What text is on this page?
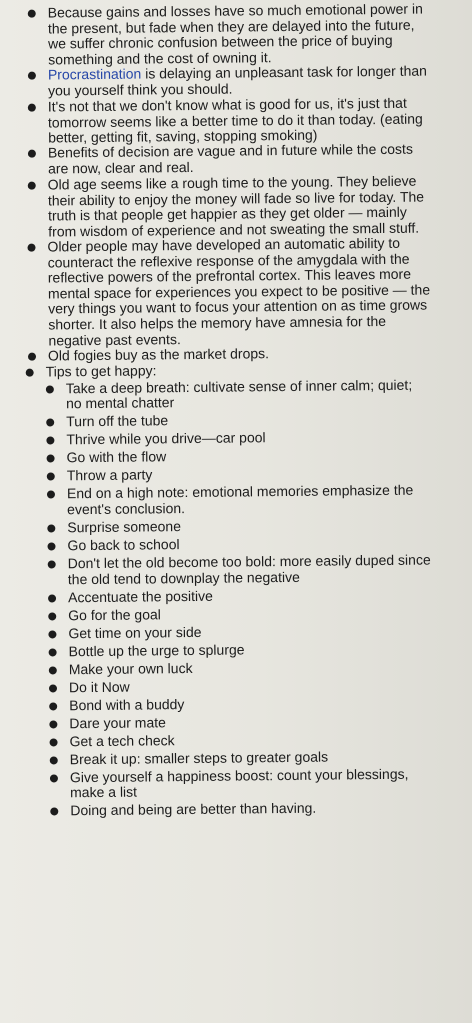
Because gains and losses have so much emotional power in the present, but fade when they are delayed into the future, we suffer chronic confusion between the price of buying something and the cost of owning it.
Procrastination is delaying an unpleasant task for longer than you yourself think you should.
It's not that we don't know what is good for us, it's just that tomorrow seems like a better time to do it than today. (eating better, getting fit, saving, stopping smoking)
Benefits of decision are vague and in future while the costs are now, clear and real.
Old age seems like a rough time to the young. They believe their ability to enjoy the money will fade so live for today. The truth is that people get happier as they get older — mainly from wisdom of experience and not sweating the small stuff.
Older people may have developed an automatic ability to counteract the reflexive response of the amygdala with the reflective powers of the prefrontal cortex. This leaves more mental space for experiences you expect to be positive — the very things you want to focus your attention on as time grows shorter. It also helps the memory have amnesia for the negative past events.
Old fogies buy as the market drops.
Tips to get happy:
Take a deep breath: cultivate sense of inner calm; quiet; no mental chatter
Turn off the tube
Thrive while you drive—car pool
Go with the flow
Throw a party
End on a high note: emotional memories emphasize the event's conclusion.
Surprise someone
Go back to school
Don't let the old become too bold: more easily duped since the old tend to downplay the negative
Accentuate the positive
Go for the goal
Get time on your side
Bottle up the urge to splurge
Make your own luck
Do it Now
Bond with a buddy
Dare your mate
Get a tech check
Break it up: smaller steps to greater goals
Give yourself a happiness boost: count your blessings, make a list
Doing and being are better than having.
